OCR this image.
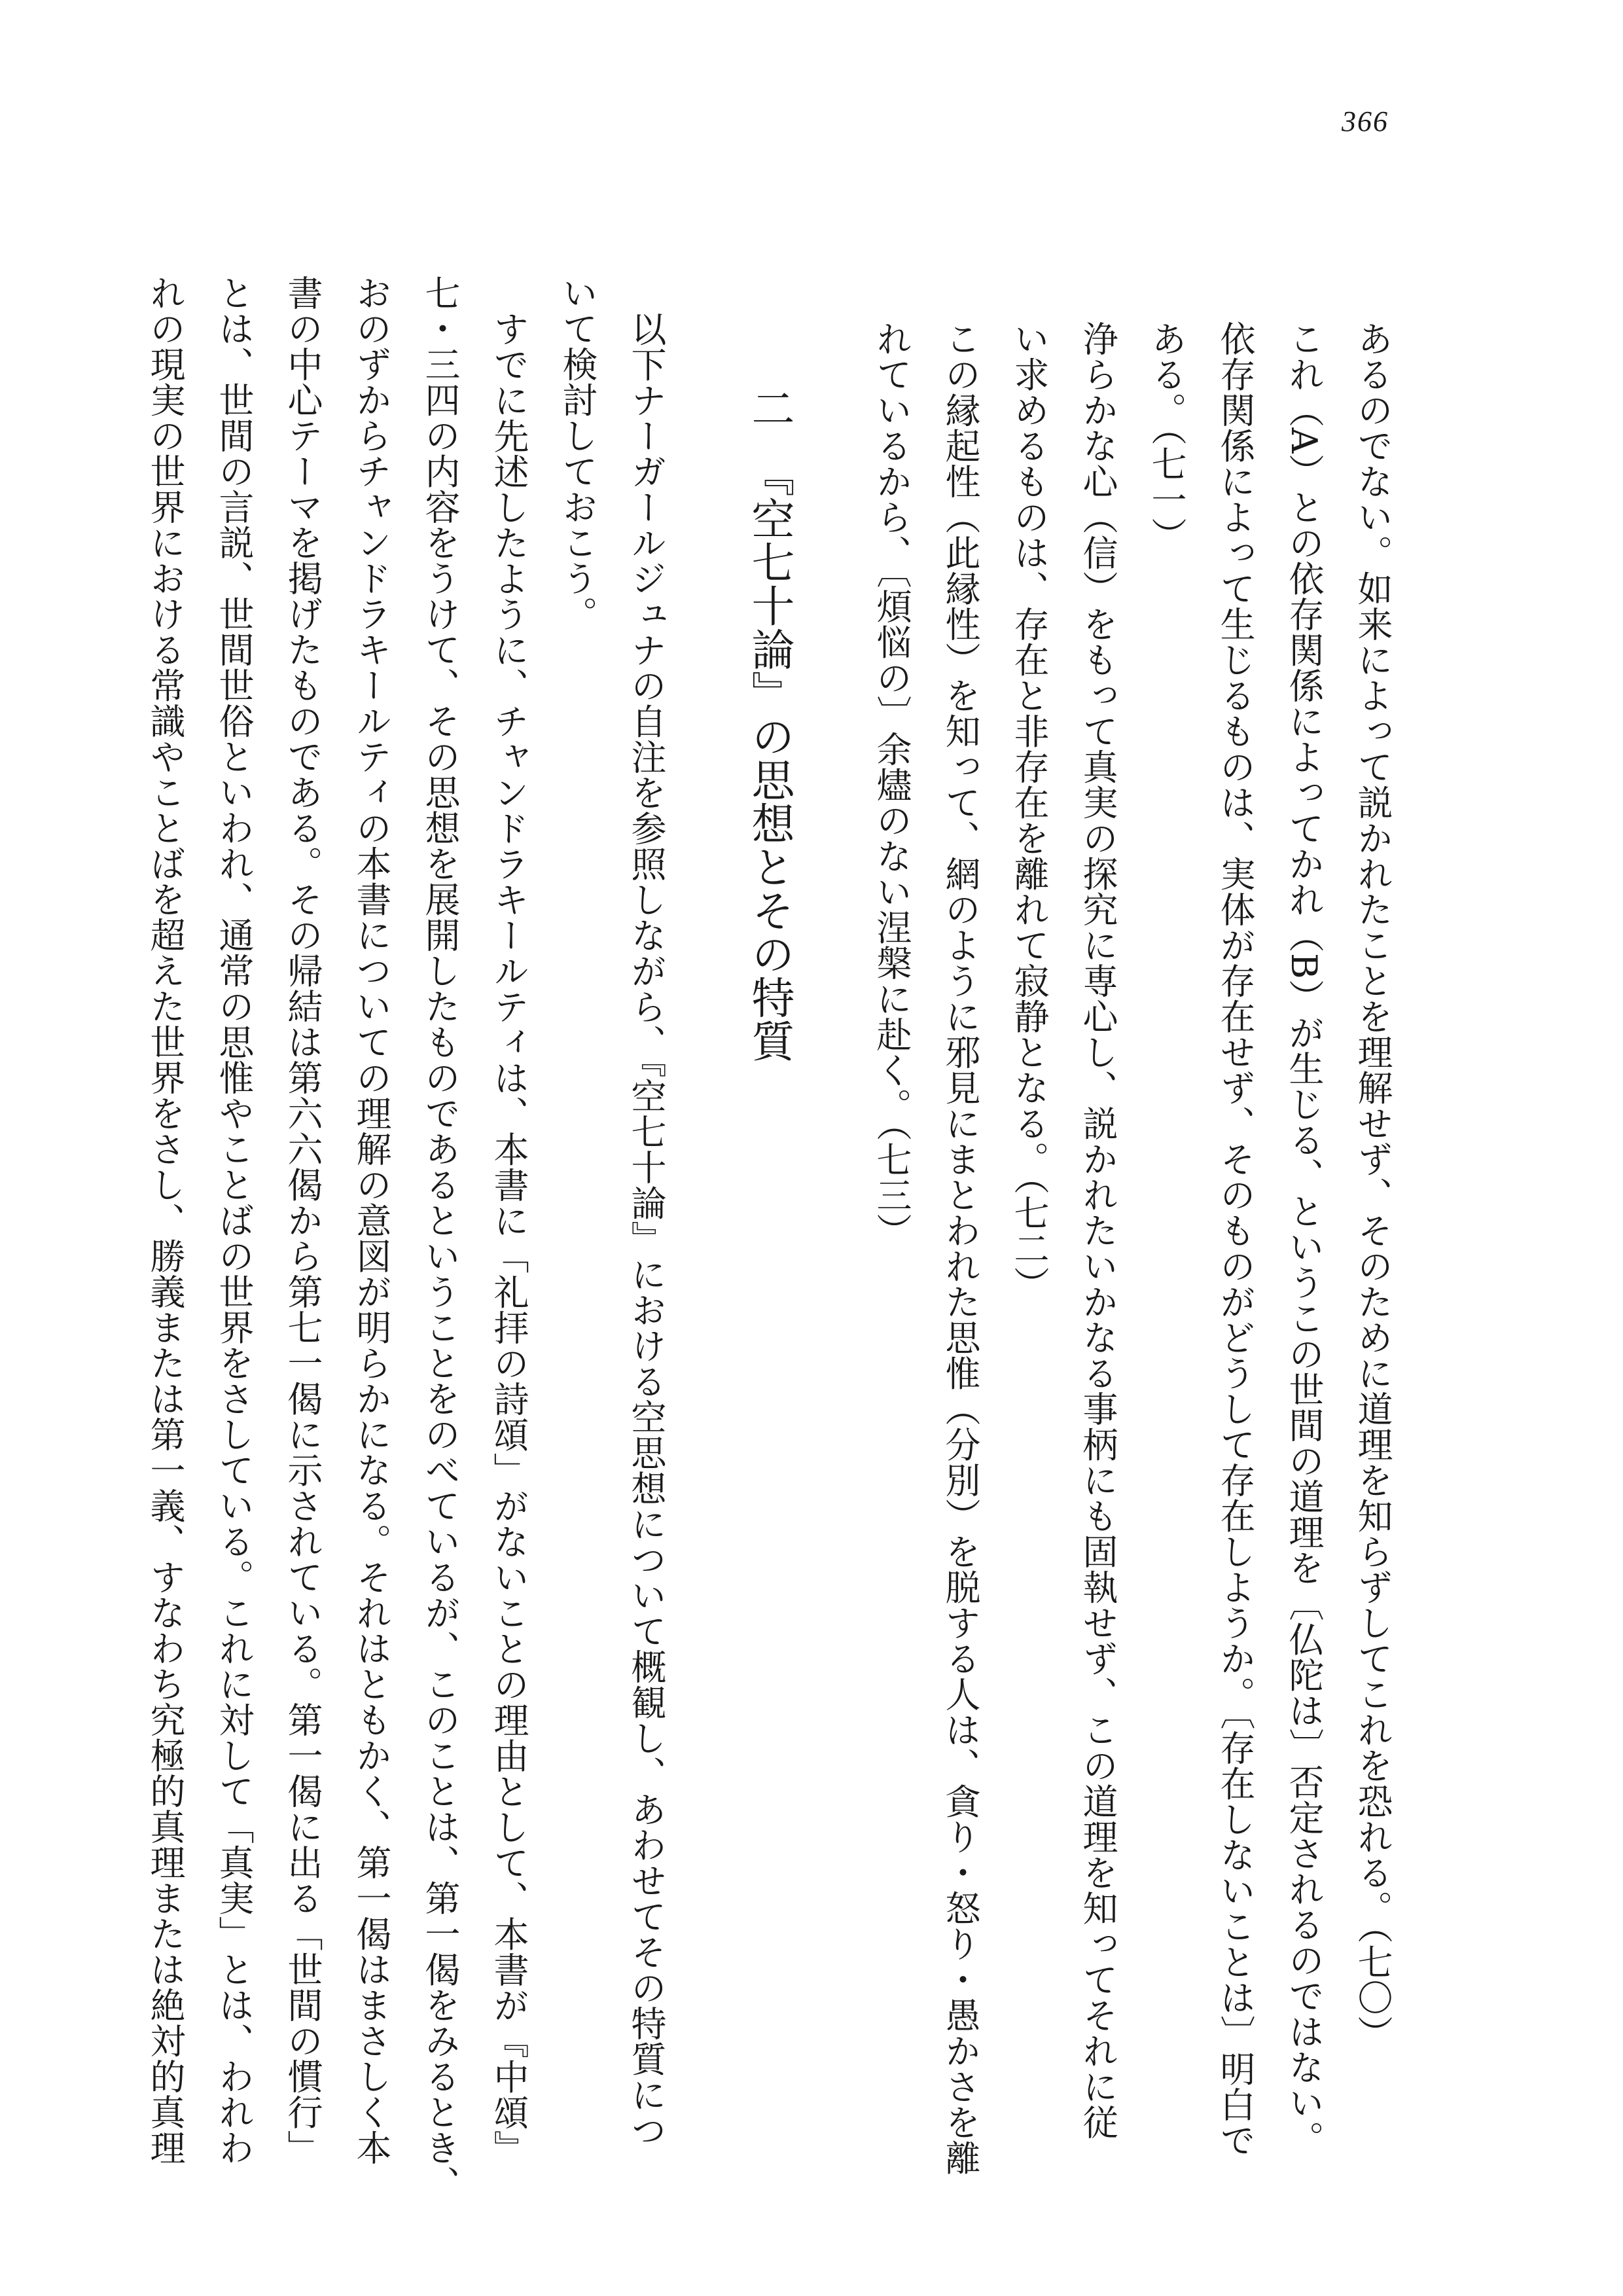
366
あるのでない。如来によって説かれたことを理解せず、そのために道理を知らずしてこれを恐れる。（七〇）
これ（A）との依存関係によってかれ（B）が生じる、というこの世間の道理を〔仏陀は〕否定されるのではない。
依存関係によって生じるものは、実体が存在せず、そのものがどうして存在しようか。〔存在しないことは〕明白で
ある。（七一）
浄らかな心（信）をもって真実の探究に専心し、説かれたいかなる事柄にも固執せず、この道理を知ってそれに従
い求めるものは、存在と非存在を離れて寂静となる。（七二）
この縁起性（此縁性）を知って、網のように邪見にまとわれた思惟（分別）を脱する人は、貪り・怒り・愚かさを離
れているから、〔煩悩の〕余燼のない涅槃に赴く。（七三）
二『空七十論』の思想とその特質
以下ナーガールジュナの自注を参照しながら、『空七十論』における空思想について概観し、あわせてその特質につ
いて検討しておこう。
すでに先述したように、チャンドラキールティは、本書に「礼拝の詩頌」がないことの理由として、本書が『中頌』
七・三四の内容をうけて、その思想を展開したものであるということをのべているが、このことは、第一偈をみるとき、
おのずからチャンドラキールティの本書についての理解の意図が明らかになる。それはともかく、第一偈はまさしく本
書の中心テーマを掲げたものである。その帰結は第六六偈から第七一偈に示されている。第一偈に出る「世間の慣行」
とは、世間の言説、世間世俗といわれ、通常の思惟やことばの世界をさしている。これに対して「真実」とは、われわ
れの現実の世界における常識やことばを超えた世界をさし、勝義または第一義、すなわち究極的真理または絶対的真理
